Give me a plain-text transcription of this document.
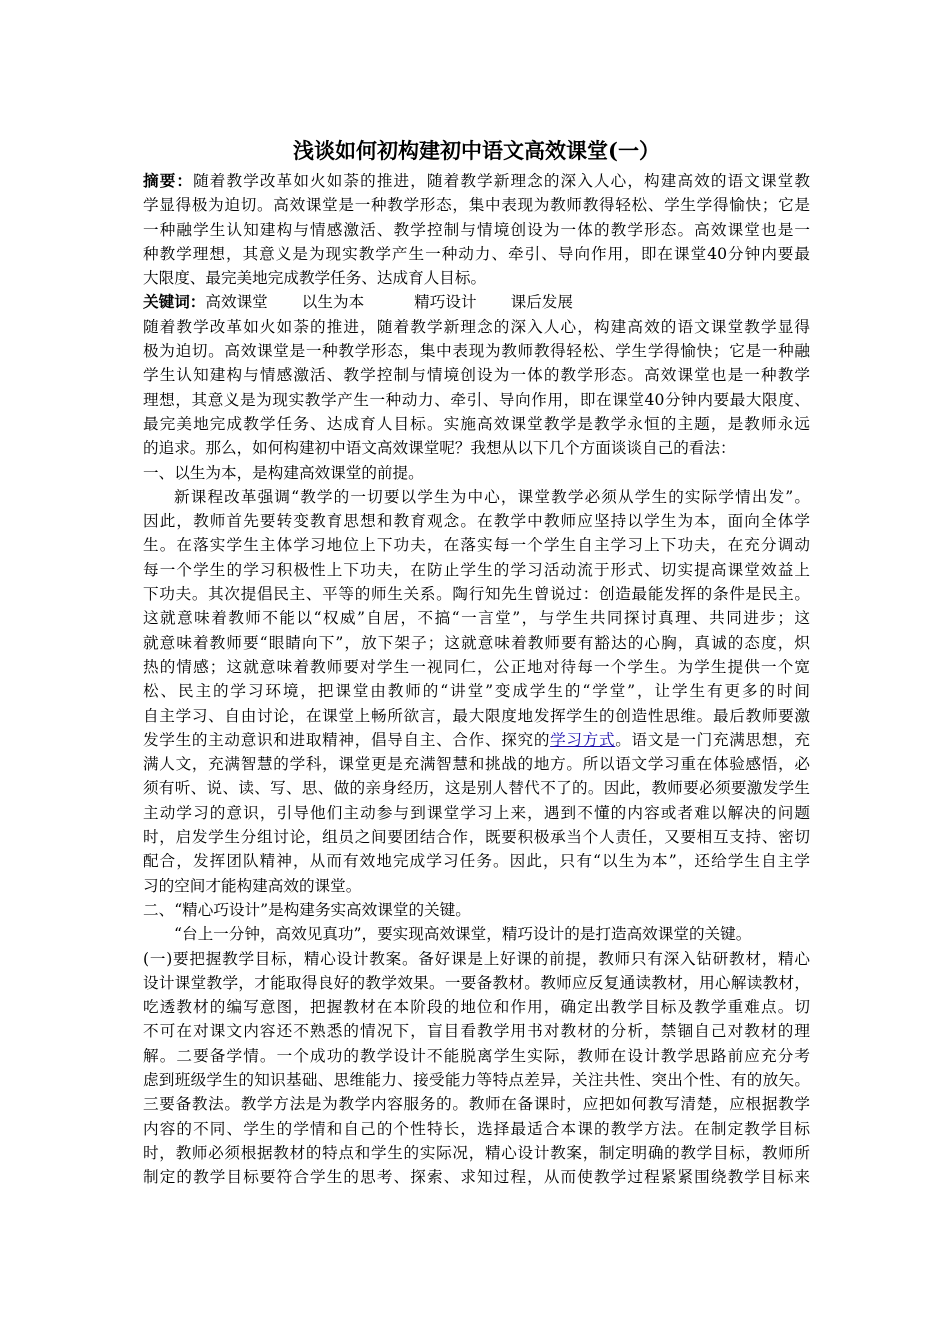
浅谈如何初构建初中语文高效课堂(一）
摘要：随着教学改革如火如荼的推进，随着教学新理念的深入人心，构建高效的语文课堂教
学显得极为迫切。高效课堂是一种教学形态，集中表现为教师教得轻松、学生学得愉快；它是
一种融学生认知建构与情感激活、教学控制与情境创设为一体的教学形态。高效课堂也是一
种教学理想，其意义是为现实教学产生一种动力、牵引、导向作用，即在课堂40分钟内要最
大限度、最完美地完成教学任务、达成育人目标。
关键词：高效课堂 以生为本	精巧设计 课后发展
随着教学改革如火如荼的推进，随着教学新理念的深入人心，构建高效的语文课堂教学显得
极为迫切。高效课堂是一种教学形态，集中表现为教师教得轻松、学生学得愉快；它是一种融
学生认知建构与情感激活、教学控制与情境创设为一体的教学形态。高效课堂也是一种教学
理想，其意义是为现实教学产生一种动力、牵引、导向作用，即在课堂40分钟内要最大限度、
最完美地完成教学任务、达成育人目标。实施高效课堂教学是教学永恒的主题，是教师永远
的追求。那么，如何构建初中语文高效课堂呢？我想从以下几个方面谈谈自己的看法：
一、以生为本，是构建高效课堂的前提。
新课程改革强调“教学的一切要以学生为中心，课堂教学必须从学生的实际学情出发”。
因此，教师首先要转变教育思想和教育观念。在教学中教师应坚持以学生为本，面向全体学
生。在落实学生主体学习地位上下功夫，在落实每一个学生自主学习上下功夫，在充分调动
每一个学生的学习积极性上下功夫，在防止学生的学习活动流于形式、切实提高课堂效益上
下功夫。其次提倡民主、平等的师生关系。陶行知先生曾说过：创造最能发挥的条件是民主。
这就意味着教师不能以“权威”自居，不搞“一言堂”，与学生共同探讨真理、共同进步；这
就意味着教师要“眼睛向下”，放下架子；这就意味着教师要有豁达的心胸，真诚的态度，炽
热的情感；这就意味着教师要对学生一视同仁，公正地对待每一个学生。为学生提供一个宽
松、民主的学习环境，把课堂由教师的“讲堂”变成学生的“学堂”，让学生有更多的时间
自主学习、自由讨论，在课堂上畅所欲言，最大限度地发挥学生的创造性思维。最后教师要激
发学生的主动意识和进取精神，倡导自主、合作、探究的学习方式。语文是一门充满思想，充
满人文，充满智慧的学科，课堂更是充满智慧和挑战的地方。所以语文学习重在体验感悟，必
须有听、说、读、写、思、做的亲身经历，这是别人替代不了的。因此，教师要必须要激发学生
主动学习的意识，引导他们主动参与到课堂学习上来，遇到不懂的内容或者难以解决的问题
时，启发学生分组讨论，组员之间要团结合作，既要积极承当个人责任，又要相互支持、密切
配合，发挥团队精神，从而有效地完成学习任务。因此，只有“以生为本”，还给学生自主学
习的空间才能构建高效的课堂。
二、“精心巧设计”是构建务实高效课堂的关键。
“台上一分钟，高效见真功”，要实现高效课堂，精巧设计的是打造高效课堂的关键。
(一)要把握教学目标，精心设计教案。备好课是上好课的前提，教师只有深入钻研教材，精心
设计课堂教学，才能取得良好的教学效果。一要备教材。教师应反复通读教材，用心解读教材，
吃透教材的编写意图，把握教材在本阶段的地位和作用，确定出教学目标及教学重难点。切
不可在对课文内容还不熟悉的情况下，盲目看教学用书对教材的分析，禁锢自己对教材的理
解。二要备学情。一个成功的教学设计不能脱离学生实际，教师在设计教学思路前应充分考
虑到班级学生的知识基础、思维能力、接受能力等特点差异，关注共性、突出个性、有的放矢。
三要备教法。教学方法是为教学内容服务的。教师在备课时，应把如何教写清楚，应根据教学
内容的不同、学生的学情和自己的个性特长，选择最适合本课的教学方法。在制定教学目标
时，教师必须根据教材的特点和学生的实际况，精心设计教案，制定明确的教学目标，教师所
制定的教学目标要符合学生的思考、探索、求知过程，从而使教学过程紧紧围绕教学目标来
